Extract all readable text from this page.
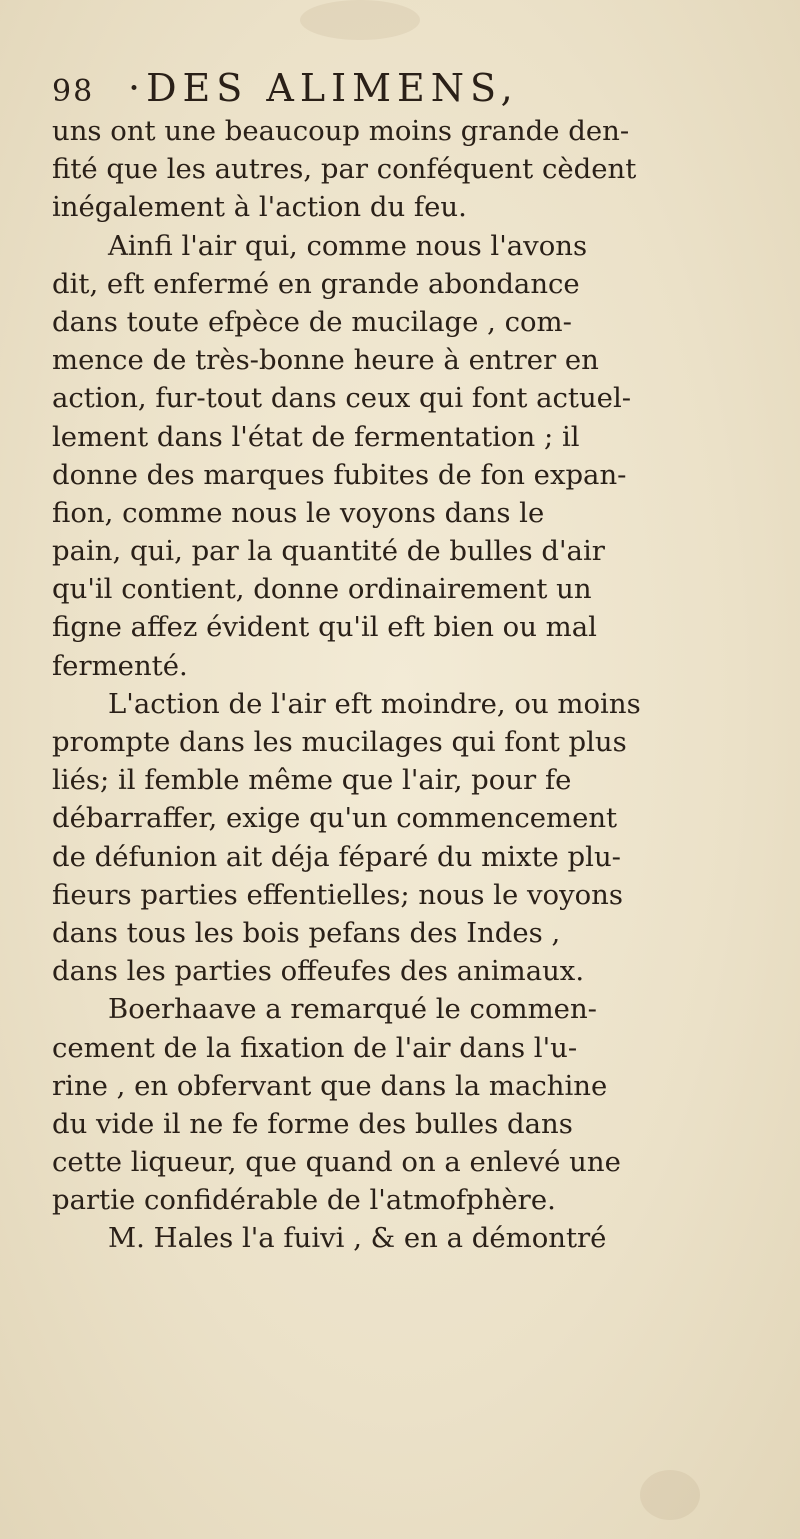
98 ·DES ALIMENS,
uns ont une beaucoup moins grande den-
fité que les autres, par conféquent cèdent
inégalement à l'action du feu.
Ainfi l'air qui, comme nous l'avons
dit, eft enfermé en grande abondance
dans toute efpèce de mucilage , com-
mence de très-bonne heure à entrer en
action, fur-tout dans ceux qui font actuel-
lement dans l'état de fermentation ; il
donne des marques fubites de fon expan-
fion, comme nous le voyons dans le
pain, qui, par la quantité de bulles d'air
qu'il contient, donne ordinairement un
figne affez évident qu'il eft bien ou mal
fermenté.
L'action de l'air eft moindre, ou moins
prompte dans les mucilages qui font plus
liés; il femble même que l'air, pour fe
débarraffer, exige qu'un commencement
de défunion ait déja féparé du mixte plu-
fieurs parties effentielles; nous le voyons
dans tous les bois pefans des Indes ,
dans les parties offeufes des animaux.
Boerhaave a remarqué le commen-
cement de la fixation de l'air dans l'u-
rine , en obfervant que dans la machine
du vide il ne fe forme des bulles dans
cette liqueur, que quand on a enlevé une
partie confidérable de l'atmofphère.
M. Hales l'a fuivi , & en a démontré
